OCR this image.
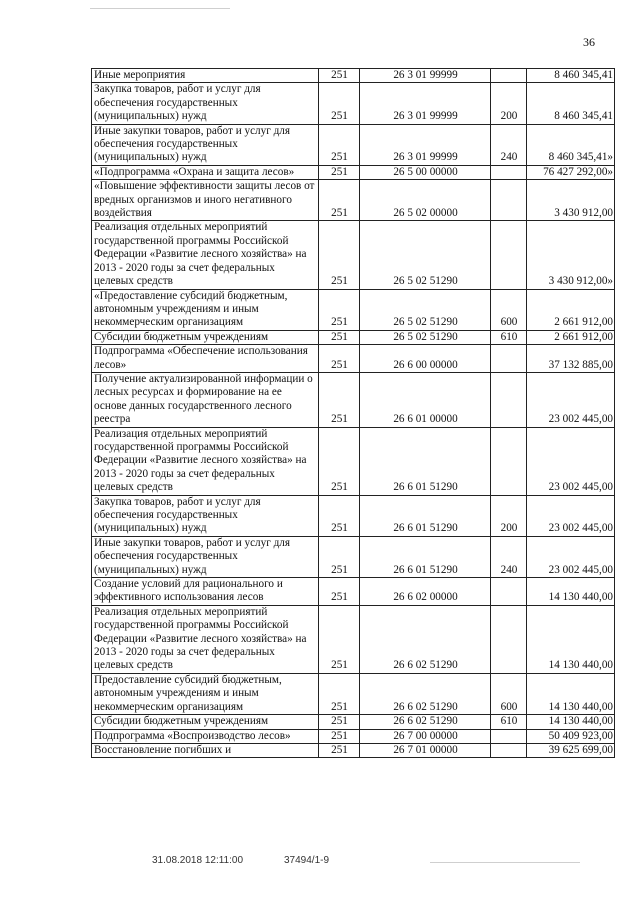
36
Иные мероприятия	251	26 3 01 99999		8 460 345,41
Закупка товаров, работ и услуг для обеспечения государственных (муниципальных) нужд	251	26 3 01 99999	200	8 460 345,41
Иные закупки товаров, работ и услуг для обеспечения государственных (муниципальных) нужд	251	26 3 01 99999	240	8 460 345,41»
«Подпрограмма «Охрана и защита лесов»	251	26 5 00 00000		76 427 292,00»
«Повышение эффективности защиты лесов от вредных организмов и иного негативного воздействия	251	26 5 02 00000		3 430 912,00
Реализация отдельных мероприятий государственной программы Российской Федерации «Развитие лесного хозяйства» на 2013 - 2020 годы за счет федеральных целевых средств	251	26 5 02 51290		3 430 912,00»
«Предоставление субсидий бюджетным, автономным учреждениям и иным некоммерческим организациям	251	26 5 02 51290	600	2 661 912,00
Субсидии бюджетным учреждениям	251	26 5 02 51290	610	2 661 912,00
Подпрограмма «Обеспечение использования лесов»	251	26 6 00 00000		37 132 885,00
Получение актуализированной информации о лесных ресурсах и формирование на ее основе данных государственного лесного реестра	251	26 6 01 00000		23 002 445,00
Реализация отдельных мероприятий государственной программы Российской Федерации «Развитие лесного хозяйства» на 2013 - 2020 годы за счет федеральных целевых средств	251	26 6 01 51290		23 002 445,00
Закупка товаров, работ и услуг для обеспечения государственных (муниципальных) нужд	251	26 6 01 51290	200	23 002 445,00
Иные закупки товаров, работ и услуг для обеспечения государственных (муниципальных) нужд	251	26 6 01 51290	240	23 002 445,00
Создание условий для рационального и эффективного использования лесов	251	26 6 02 00000		14 130 440,00
Реализация отдельных мероприятий государственной программы Российской Федерации «Развитие лесного хозяйства» на 2013 - 2020 годы за счет федеральных целевых средств	251	26 6 02 51290		14 130 440,00
Предоставление субсидий бюджетным, автономным учреждениям и иным некоммерческим организациям	251	26 6 02 51290	600	14 130 440,00
Субсидии бюджетным учреждениям	251	26 6 02 51290	610	14 130 440,00
Подпрограмма «Воспроизводство лесов»	251	26 7 00 00000		50 409 923,00
Восстановление погибших и	251	26 7 01 00000		39 625 699,00
31.08.2018 12:11:00	37494/1-9
